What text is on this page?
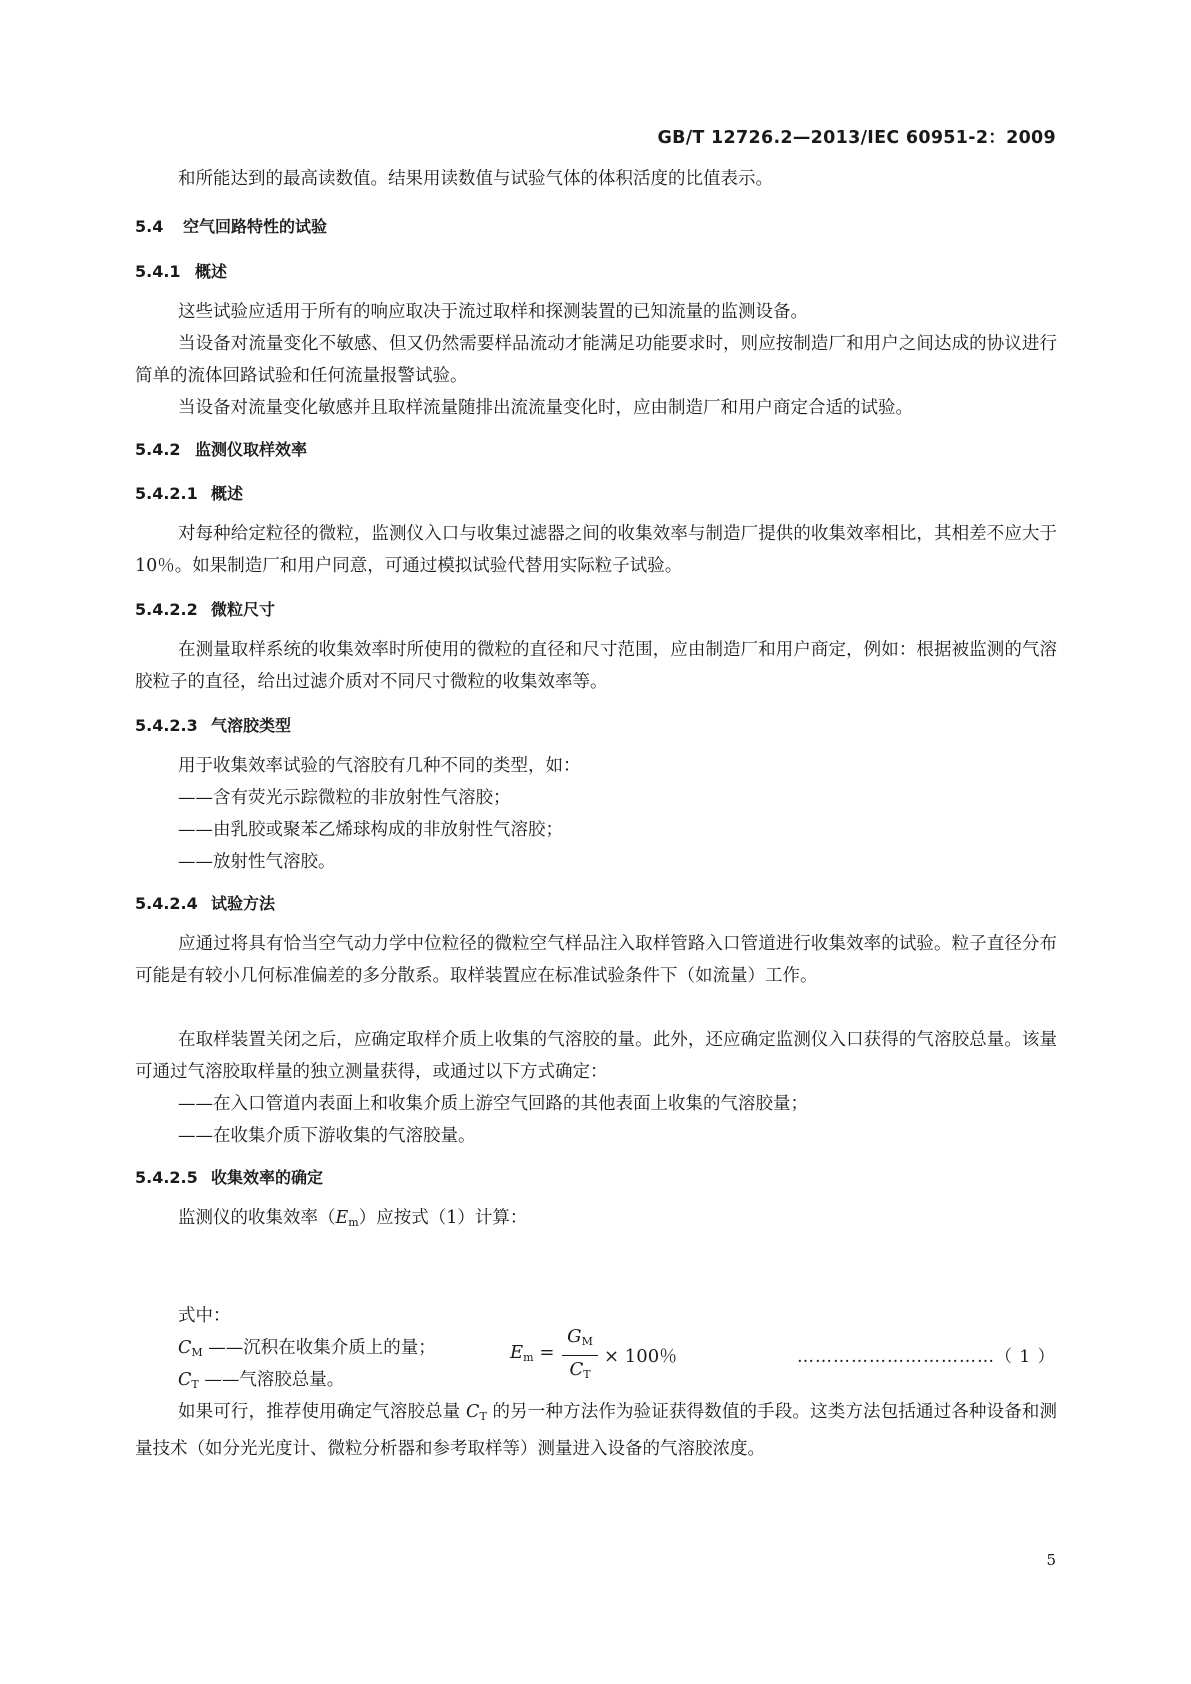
GB/T 12726.2—2013/IEC 60951-2：2009
和所能达到的最高读数值。结果用读数值与试验气体的体积活度的比值表示。
5.4 空气回路特性的试验
5.4.1 概述
这些试验应适用于所有的响应取决于流过取样和探测装置的已知流量的监测设备。
当设备对流量变化不敏感、但又仍然需要样品流动才能满足功能要求时，则应按制造厂和用户之间达成的协议进行简单的流体回路试验和任何流量报警试验。
当设备对流量变化敏感并且取样流量随排出流流量变化时，应由制造厂和用户商定合适的试验。
5.4.2 监测仪取样效率
5.4.2.1 概述
对每种给定粒径的微粒，监测仪入口与收集过滤器之间的收集效率与制造厂提供的收集效率相比，其相差不应大于10％。如果制造厂和用户同意，可通过模拟试验代替用实际粒子试验。
5.4.2.2 微粒尺寸
在测量取样系统的收集效率时所使用的微粒的直径和尺寸范围，应由制造厂和用户商定，例如：根据被监测的气溶胶粒子的直径，给出过滤介质对不同尺寸微粒的收集效率等。
5.4.2.3 气溶胶类型
用于收集效率试验的气溶胶有几种不同的类型，如：
——含有荧光示踪微粒的非放射性气溶胶；
——由乳胶或聚苯乙烯球构成的非放射性气溶胶；
——放射性气溶胶。
5.4.2.4 试验方法
应通过将具有恰当空气动力学中位粒径的微粒空气样品注入取样管路入口管道进行收集效率的试验。粒子直径分布可能是有较小几何标准偏差的多分散系。取样装置应在标准试验条件下（如流量）工作。
在取样装置关闭之后，应确定取样介质上收集的气溶胶的量。此外，还应确定监测仪入口获得的气溶胶总量。该量可通过气溶胶取样量的独立测量获得，或通过以下方式确定：
——在入口管道内表面上和收集介质上游空气回路的其他表面上收集的气溶胶量；
——在收集介质下游收集的气溶胶量。
5.4.2.5 收集效率的确定
监测仪的收集效率$(E_m)$应按式（1）计算：
$E_m$ =
$G_M$
$C_T$
× 100％	……………………………（ 1 ）
式中：
$C_M$ ——沉积在收集介质上的量；
$C_T$ ——气溶胶总量。
如果可行，推荐使用确定气溶胶总量 $C_T$ 的另一种方法作为验证获得数值的手段。这类方法包括通过各种设备和测量技术（如分光光度计、微粒分析器和参考取样等）测量进入设备的气溶胶浓度。
5
